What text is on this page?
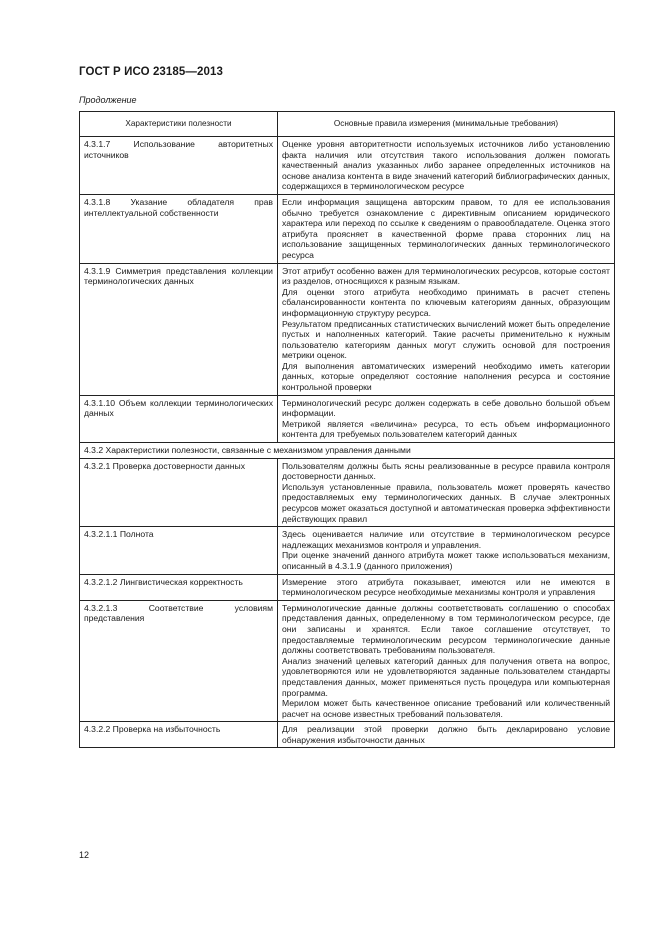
ГОСТ Р ИСО 23185—2013
Продолжение
Характеристики полезности	Основные правила измерения (минимальные требования)
4.3.1.7 Использование авторитетных источников	Оценке уровня авторитетности используемых источников либо установлению факта наличия или отсутствия такого использования должен помогать качественный анализ указанных либо заранее определенных источников на основе анализа контента в виде значений категорий библиографических данных, содержащихся в терминологическом ресурсе

4.3.1.8 Указание обладателя прав интеллектуальной собственности	Если информация защищена авторским правом, то для ее использования обычно требуется ознакомление с директивным описанием юридического характера или переход по ссылке к сведениям о правообладателе. Оценка этого атрибута проясняет в качественной форме права сторонних лиц на использование защищенных терминологических данных терминологического ресурса

4.3.1.9 Симметрия представления коллекции терминологических данных	Этот атрибут особенно важен для терминологических ресурсов, которые состоят из разделов, относящихся к разным языкам.

Для оценки этого атрибута необходимо принимать в расчет степень сбалансированности контента по ключевым категориям данных, образующим информационную структуру ресурса.

Результатом предписанных статистических вычислений может быть определение пустых и наполненных категорий. Такие расчеты применительно к нужным пользователю категориям данных могут служить основой для построения метрики оценок.

Для выполнения автоматических измерений необходимо иметь категории данных, которые определяют состояние наполнения ресурса и состояние контрольной проверки

4.3.1.10 Объем коллекции терминологических данных	Терминологический ресурс должен содержать в себе довольно большой объем информации.

Метрикой является «величина» ресурса, то есть объем информационного контента для требуемых пользователем категорий данных

4.3.2 Характеристики полезности, связанные с механизмом управления данными	
4.3.2.1 Проверка достоверности данных	Пользователям должны быть ясны реализованные в ресурсе правила контроля достоверности данных.

Используя установленные правила, пользователь может проверять качество предоставляемых ему терминологических данных. В случае электронных ресурсов может оказаться доступной и автоматическая проверка эффективности действующих правил

4.3.2.1.1 Полнота	Здесь оценивается наличие или отсутствие в терминологическом ресурсе надлежащих механизмов контроля и управления.

При оценке значений данного атрибута может также использоваться механизм, описанный в 4.3.1.9 (данного приложения)

4.3.2.1.2 Лингвистическая корректность	Измерение этого атрибута показывает, имеются или не имеются в терминологическом ресурсе необходимые механизмы контроля и управления

4.3.2.1.3 Соответствие условиям представления	Терминологические данные должны соответствовать соглашению о способах представления данных, определенному в том терминологическом ресурсе, где они записаны и хранятся. Если такое соглашение отсутствует, то предоставляемые терминологическим ресурсом терминологические данные должны соответствовать требованиям пользователя.

Анализ значений целевых категорий данных для получения ответа на вопрос, удовлетворяются или не удовлетворяются заданные пользователем стандарты представления данных, может применяться пусть процедура или компьютерная программа.

Мерилом может быть качественное описание требований или количественный расчет на основе известных требований пользователя.

4.3.2.2 Проверка на избыточность	Для реализации этой проверки должно быть декларировано условие обнаружения избыточности данных

12
